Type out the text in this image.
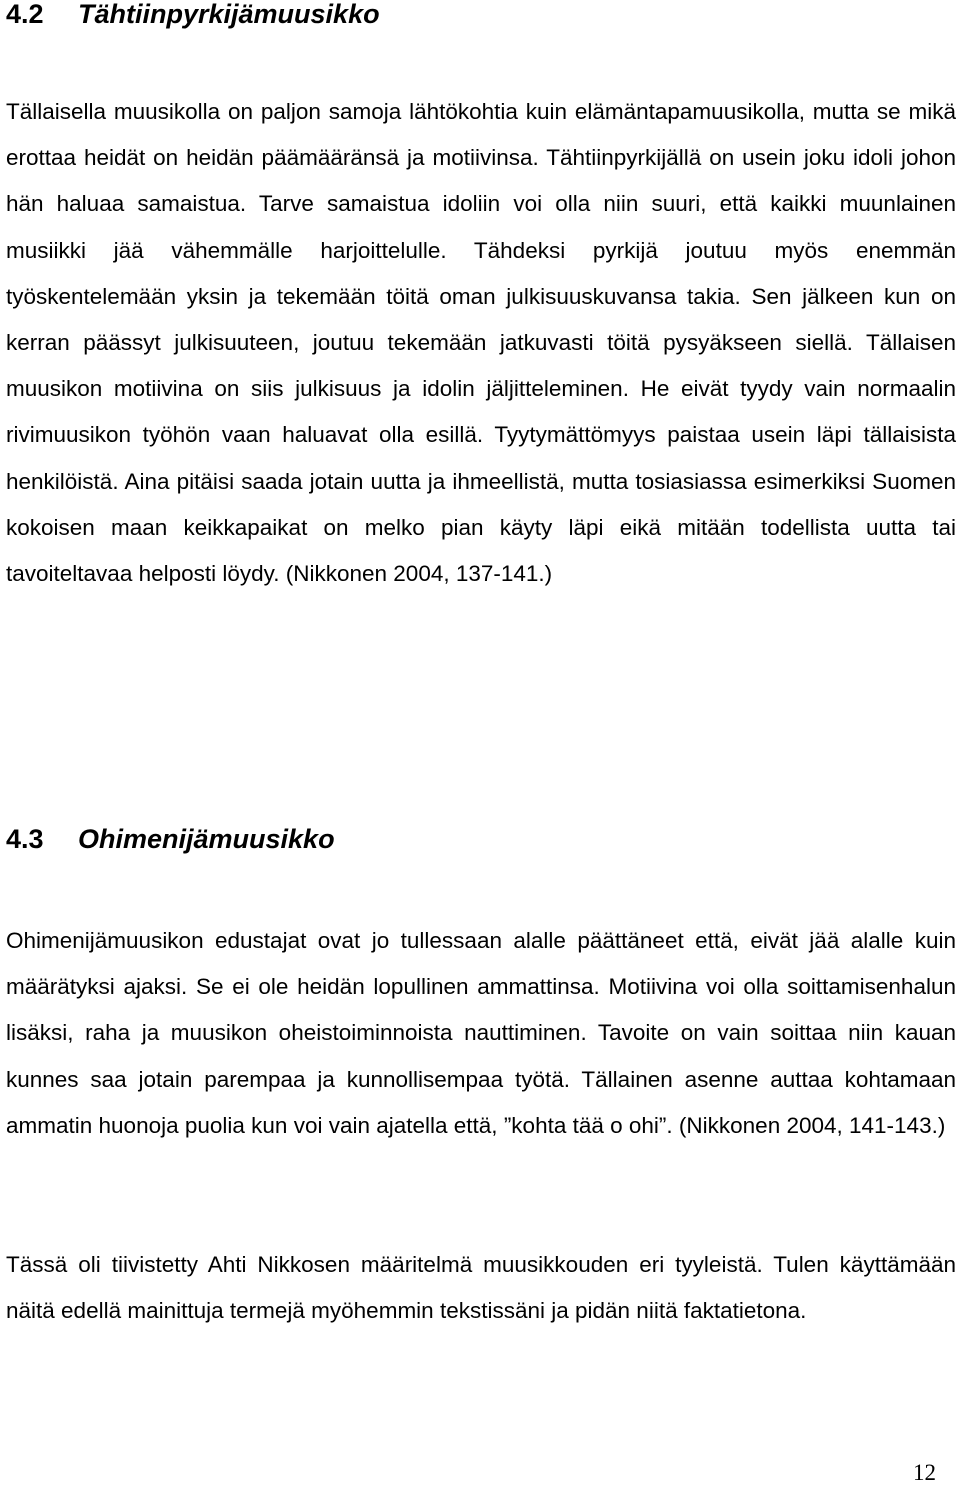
4.2 Tähtiinpyrkijämuusikko

Tällaisella muusikolla on paljon samoja lähtökohtia kuin elämäntapamuusikolla, mutta se mikä erottaa heidät on heidän päämääränsä ja motiivinsa. Tähtiinpyrkijällä on usein joku idoli johon hän haluaa samaistua. Tarve samaistua idoliin voi olla niin suuri, että kaikki muunlainen musiikki jää vähemmälle harjoittelulle. Tähdeksi pyrkijä joutuu myös enemmän työskentelemään yksin ja tekemään töitä oman julkisuuskuvansa takia. Sen jälkeen kun on kerran päässyt julkisuuteen, joutuu tekemään jatkuvasti töitä pysyäkseen siellä. Tällaisen muusikon motiivina on siis julkisuus ja idolin jäljitteleminen. He eivät tyydy vain normaalin rivimuusikon työhön vaan haluavat olla esillä. Tyytymättömyys paistaa usein läpi tällaisista henkilöistä. Aina pitäisi saada jotain uutta ja ihmeellistä, mutta tosiasiassa esimerkiksi Suomen kokoisen maan keikkapaikat on melko pian käyty läpi eikä mitään todellista uutta tai tavoiteltavaa helposti löydy. (Nikkonen 2004, 137-141.)

4.3 Ohimenijämuusikko

Ohimenijämuusikon edustajat ovat jo tullessaan alalle päättäneet että, eivät jää alalle kuin määrätyksi ajaksi. Se ei ole heidän lopullinen ammattinsa. Motiivina voi olla soittamisenhalun lisäksi, raha ja muusikon oheistoiminnoista nauttiminen. Tavoite on vain soittaa niin kauan kunnes saa jotain parempaa ja kunnollisempaa työtä. Tällainen asenne auttaa kohtamaan ammatin huonoja puolia kun voi vain ajatella että, ”kohta tää o ohi”. (Nikkonen 2004, 141-143.)

Tässä oli tiivistetty Ahti Nikkosen määritelmä muusikkouden eri tyyleistä. Tulen käyttämään näitä edellä mainittuja termejä myöhemmin tekstissäni ja pidän niitä faktatietona.

12
